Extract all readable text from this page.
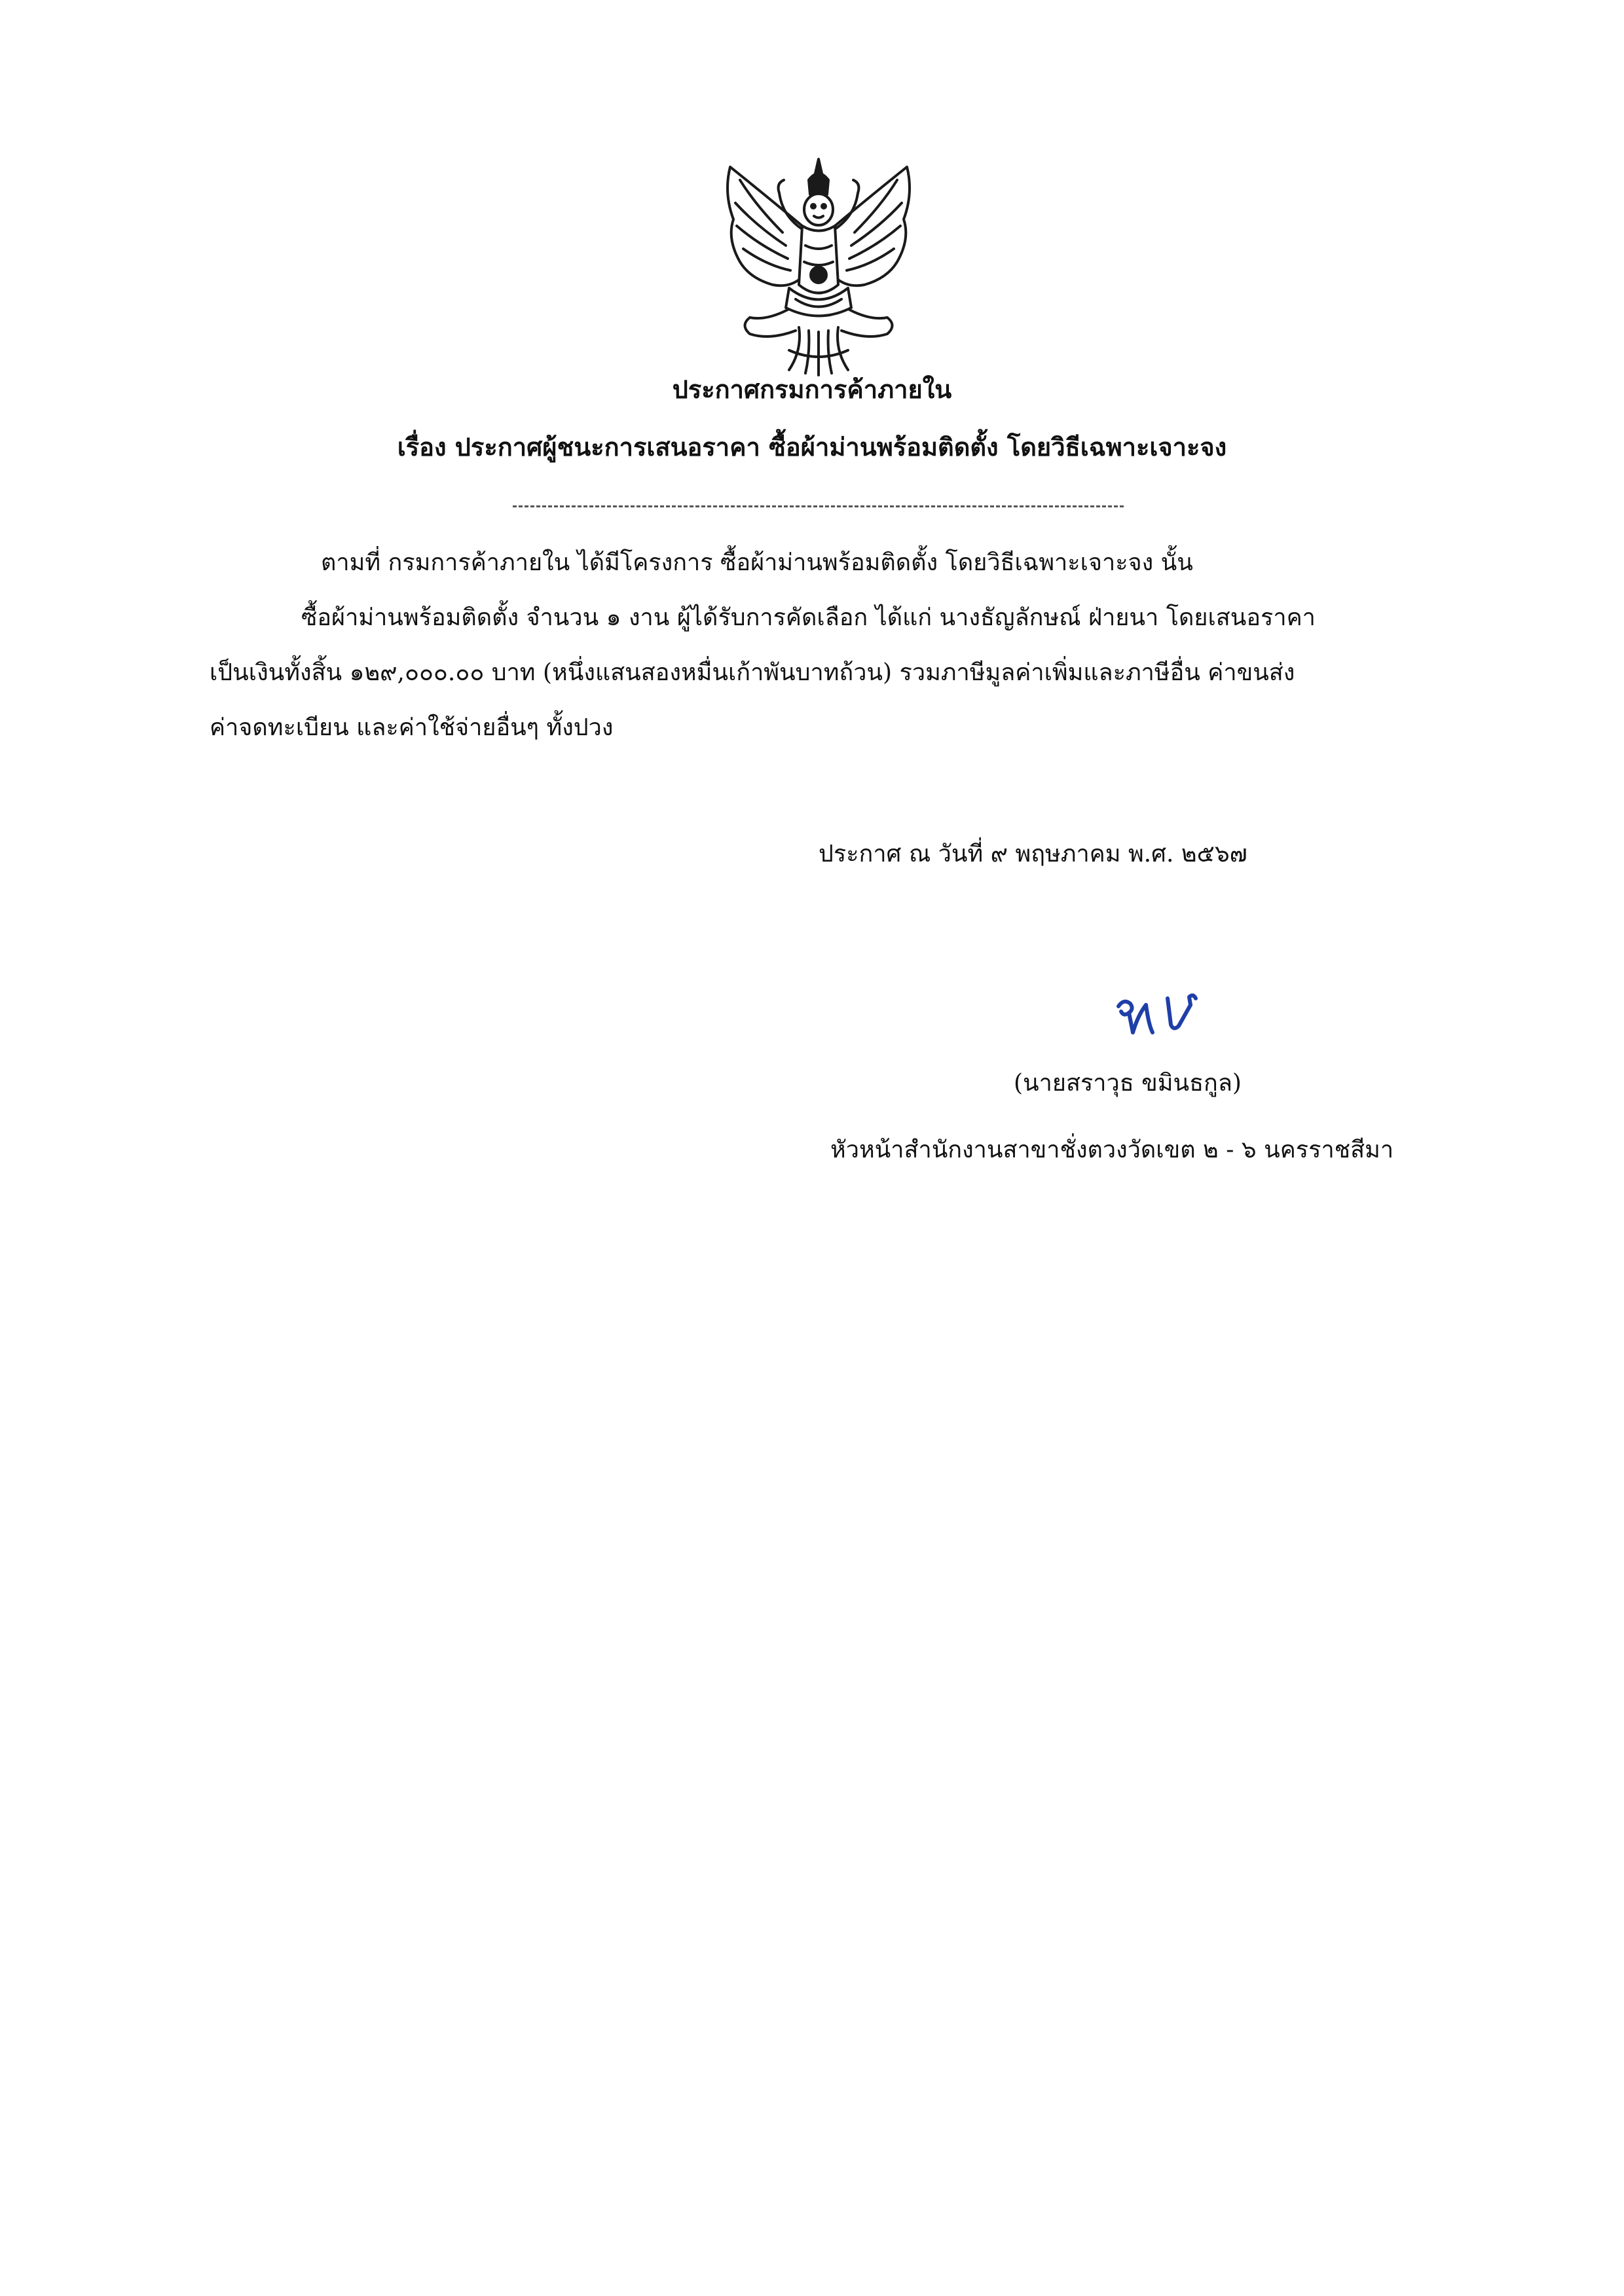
ประกาศกรมการค้าภายใน
เรื่อง ประกาศผู้ชนะการเสนอราคา ซื้อผ้าม่านพร้อมติดตั้ง โดยวิธีเฉพาะเจาะจง
ตามที่ กรมการค้าภายใน ได้มีโครงการ ซื้อผ้าม่านพร้อมติดตั้ง โดยวิธีเฉพาะเจาะจง นั้น
ซื้อผ้าม่านพร้อมติดตั้ง จำนวน ๑ งาน ผู้ได้รับการคัดเลือก ได้แก่ นางธัญลักษณ์ ฝ่ายนา โดยเสนอราคา
เป็นเงินทั้งสิ้น ๑๒๙,๐๐๐.๐๐ บาท (หนึ่งแสนสองหมื่นเก้าพันบาทถ้วน) รวมภาษีมูลค่าเพิ่มและภาษีอื่น ค่าขนส่ง
ค่าจดทะเบียน และค่าใช้จ่ายอื่นๆ ทั้งปวง
ประกาศ ณ วันที่ ๙ พฤษภาคม พ.ศ. ๒๕๖๗
(นายสราวุธ ขมินธกูล)
หัวหน้าสำนักงานสาขาชั่งตวงวัดเขต ๒ - ๖ นครราชสีมา
